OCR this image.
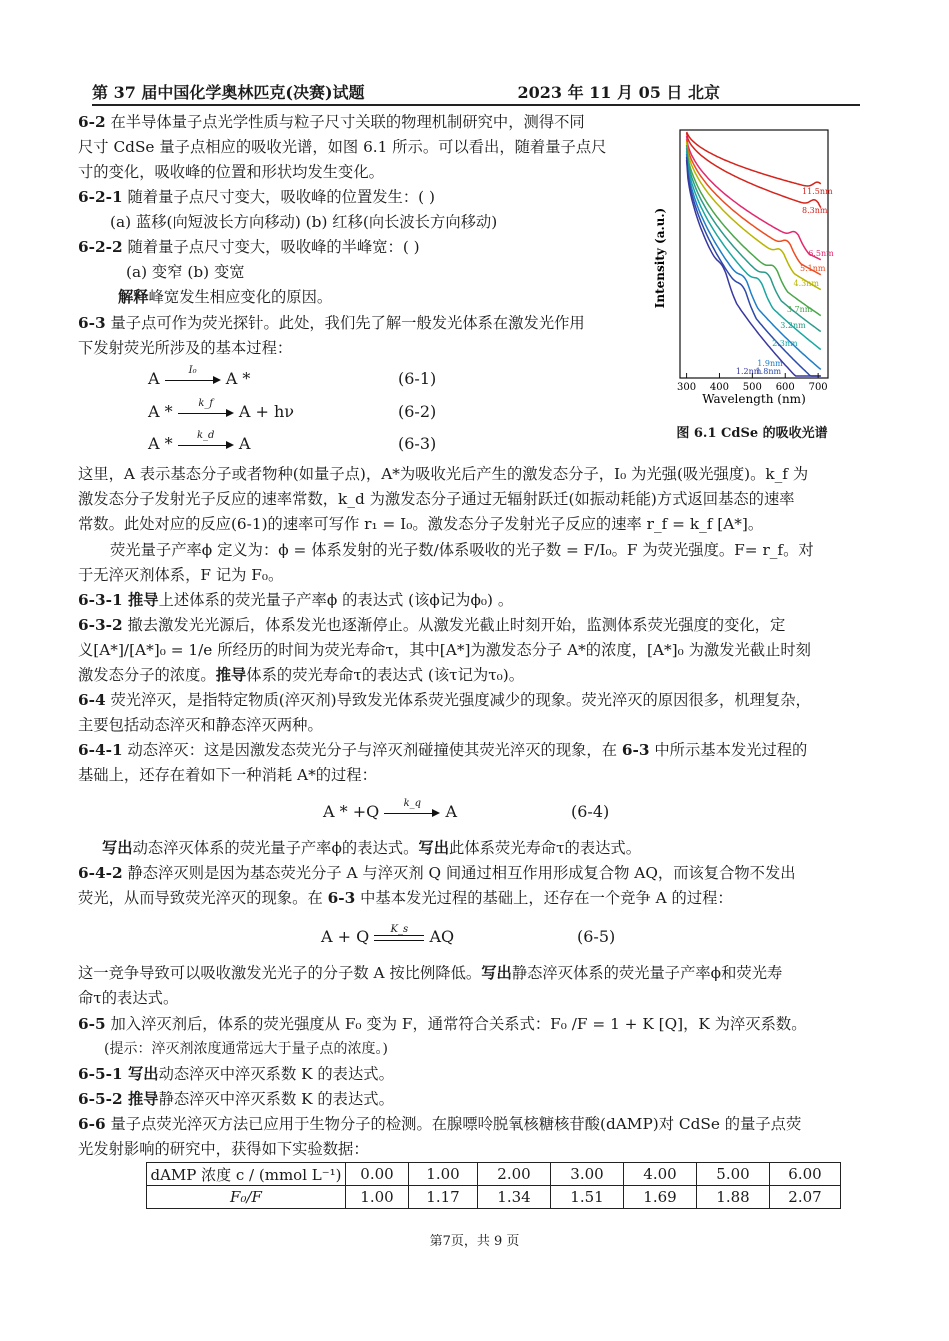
第 37 届中国化学奥林匹克(决赛)试题	2023 年 11 月 05 日 北京
6-2 在半导体量子点光学性质与粒子尺寸关联的物理机制研究中，测得不同
尺寸 CdSe 量子点相应的吸收光谱，如图 6.1 所示。可以看出，随着量子点尺
寸的变化，吸收峰的位置和形状均发生变化。
6-2-1 随着量子点尺寸变大，吸收峰的位置发生：( )
(a) 蓝移(向短波长方向移动) (b) 红移(向长波长方向移动)
6-2-2 随着量子点尺寸变大，吸收峰的半峰宽：( )
(a) 变窄 (b) 变宽
解释峰宽发生相应变化的原因。
6-3 量子点可作为荧光探针。此处，我们先了解一般发光体系在激发光作用
下发射荧光所涉及的基本过程：
A	I₀	A *	(6-1)
A *	k_f	A + hν	(6-2)
A *	k_d	A	(6-3)
11.5nm
8.3nm
6.5nm
5.1nm
4.3nm
3.7nm
3.2nm
2.3nm
1.9nm
1.8nm
1.2nm
300 400 500 600 700
Intensity (a.u.)
Wavelength (nm)
图 6.1 CdSe 的吸收光谱
这里，A 表示基态分子或者物种(如量子点)，A*为吸收光后产生的激发态分子，I₀ 为光强(吸光强度)。k_f 为
激发态分子发射光子反应的速率常数，k_d 为激发态分子通过无辐射跃迁(如振动耗能)方式返回基态的速率
常数。此处对应的反应(6-1)的速率可写作 r₁ = I₀。激发态分子发射光子反应的速率 r_f = k_f [A*]。
荧光量子产率ϕ 定义为：ϕ = 体系发射的光子数/体系吸收的光子数 = F/I₀。F 为荧光强度。F= r_f。对
于无淬灭剂体系，F 记为 F₀。
6-3-1 推导上述体系的荧光量子产率ϕ 的表达式 (该ϕ记为ϕ₀) 。
6-3-2 撤去激发光光源后，体系发光也逐渐停止。从激发光截止时刻开始，监测体系荧光强度的变化，定
义[A*]/[A*]₀ = 1/e 所经历的时间为荧光寿命τ，其中[A*]为激发态分子 A*的浓度，[A*]₀ 为激发光截止时刻
激发态分子的浓度。推导体系的荧光寿命τ的表达式 (该τ记为τ₀)。
6-4 荧光淬灭，是指特定物质(淬灭剂)导致发光体系荧光强度减少的现象。荧光淬灭的原因很多，机理复杂，
主要包括动态淬灭和静态淬灭两种。
6-4-1 动态淬灭：这是因激发态荧光分子与淬灭剂碰撞使其荧光淬灭的现象，在 6-3 中所示基本发光过程的
基础上，还存在着如下一种消耗 A*的过程：
A * +Q	k_q	A	(6-4)
写出动态淬灭体系的荧光量子产率ϕ的表达式。写出此体系荧光寿命τ的表达式。
6-4-2 静态淬灭则是因为基态荧光分子 A 与淬灭剂 Q 间通过相互作用形成复合物 AQ，而该复合物不发出
荧光，从而导致荧光淬灭的现象。在 6-3 中基本发光过程的基础上，还存在一个竞争 A 的过程：
A + Q	K_s	AQ	(6-5)
这一竞争导致可以吸收激发光光子的分子数 A 按比例降低。写出静态淬灭体系的荧光量子产率ϕ和荧光寿
命τ的表达式。
6-5 加入淬灭剂后，体系的荧光强度从 F₀ 变为 F，通常符合关系式：F₀ /F = 1 + K [Q]，K 为淬灭系数。
(提示：淬灭剂浓度通常远大于量子点的浓度。)
6-5-1 写出动态淬灭中淬灭系数 K 的表达式。
6-5-2 推导静态淬灭中淬灭系数 K 的表达式。
6-6 量子点荧光淬灭方法已应用于生物分子的检测。在腺嘌呤脱氧核糖核苷酸(dAMP)对 CdSe 的量子点荧
光发射影响的研究中，获得如下实验数据：
dAMP 浓度 c / (mmol L⁻¹)	0.00	1.00	2.00	3.00	4.00	5.00	6.00
F₀/F	1.00	1.17	1.34	1.51	1.69	1.88	2.07
第7页，共 9 页
